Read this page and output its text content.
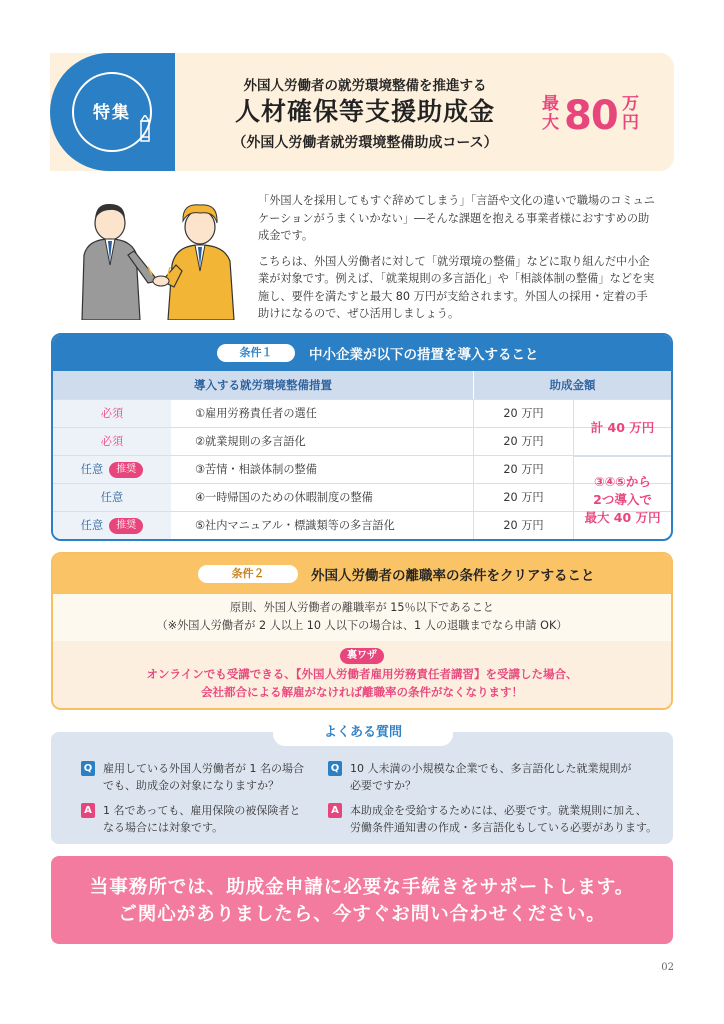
特集
外国人労働者の就労環境整備を推進する
人材確保等支援助成金
（外国人労働者就労環境整備助成コース）
最大 80 万円

「外国人を採用してもすぐ辞めてしまう」「言語や文化の違いで職場のコミュニケーションがうまくいかない」―そんな課題を抱える事業者様におすすめの助成金です。

こちらは、外国人労働者に対して「就労環境の整備」などに取り組んだ中小企業が対象です。例えば、「就業規則の多言語化」や「相談体制の整備」などを実施し、要件を満たすと最大 80 万円が支給されます。外国人の採用・定着の手助けになるので、ぜひ活用しましょう。

条件１	中小企業が以下の措置を導入すること
導入する就労環境整備措置	助成金額
必須	①雇用労務責任者の選任	20 万円
必須	②就業規則の多言語化	20 万円
任意 推奨	③苦情・相談体制の整備	20 万円
任意	④一時帰国のための休暇制度の整備	20 万円
任意 推奨	⑤社内マニュアル・標識類等の多言語化	20 万円
計 40 万円
③④⑤から
2つ導入で
最大 40 万円
条件２	外国人労働者の離職率の条件をクリアすること
原則、外国人労働者の離職率が 15％以下であること
（※外国人労働者が 2 人以上 10 人以下の場合は、1 人の退職までなら申請 OK）
裏ワザ
オンラインでも受講できる、【外国人労働者雇用労務責任者講習】を受講した場合、
会社都合による解雇がなければ離職率の条件がなくなります！
よくある質問
Q 雇用している外国人労働者が 1 名の場合
でも、助成金の対象になりますか？
A 1 名であっても、雇用保険の被保険者と
なる場合には対象です。
Q 10 人未満の小規模な企業でも、多言語化した就業規則が
必要ですか？
A 本助成金を受給するためには、必要です。就業規則に加え、
労働条件通知書の作成・多言語化もしている必要があります。
当事務所では、助成金申請に必要な手続きをサポートします。
ご関心がありましたら、今すぐお問い合わせください。
02
